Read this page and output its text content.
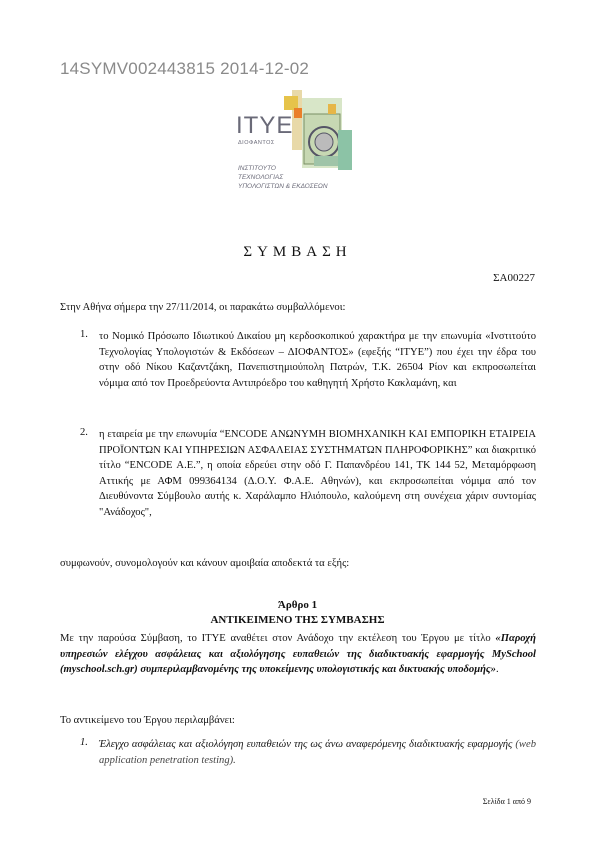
14SYMV002443815 2014-12-02
ITYE
ΔΙΟΦΑΝΤΟΣ
ΙΝΣΤΙΤΟΥΤΟ
ΤΕΧΝΟΛΟΓΙΑΣ
ΥΠΟΛΟΓΙΣΤΩΝ & ΕΚΔΟΣΕΩΝ
ΣΥΜΒΑΣΗ
ΣΑ00227
Στην Αθήνα σήμερα την 27/11/2014, οι παρακάτω συμβαλλόμενοι:
1. το Νομικό Πρόσωπο Ιδιωτικού Δικαίου μη κερδοσκοπικού χαρακτήρα με την επωνυμία «Ινστιτούτο Τεχνολογίας Υπολογιστών & Εκδόσεων – ΔΙΟΦΑΝΤΟΣ» (εφεξής “ΙΤΥΕ”) που έχει την έδρα του στην οδό Νίκου Καζαντζάκη, Πανεπιστημιούπολη Πατρών, Τ.Κ. 26504 Ρίον και εκπροσωπείται νόμιμα από τον Προεδρεύοντα Αντιπρόεδρο του καθηγητή Χρήστο Κακλαμάνη, και
2. η εταιρεία με την επωνυμία “ENCODE ΑΝΩΝΥΜΗ ΒΙΟΜΗΧΑΝΙΚΗ ΚΑΙ ΕΜΠΟΡΙΚΗ ΕΤΑΙΡΕΙΑ ΠΡΟΪΟΝΤΩΝ ΚΑΙ ΥΠΗΡΕΣΙΩΝ ΑΣΦΑΛΕΙΑΣ ΣΥΣΤΗΜΑΤΩΝ ΠΛΗΡΟΦΟΡΙΚΗΣ” και διακριτικό τίτλο “ENCODE Α.Ε.”, η οποία εδρεύει στην οδό Γ. Παπανδρέου 141, ΤΚ 144 52, Μεταμόρφωση Αττικής με ΑΦΜ 099364134 (Δ.Ο.Υ. Φ.Α.Ε. Αθηνών), και εκπροσωπείται νόμιμα από τον Διευθύνοντα Σύμβουλο αυτής κ. Χαράλαμπο Ηλιόπουλο, καλούμενη στη συνέχεια χάριν συντομίας "Ανάδοχος",
συμφωνούν, συνομολογούν και κάνουν αμοιβαία αποδεκτά τα εξής:
Άρθρο 1
ΑΝΤΙΚΕΙΜΕΝΟ ΤΗΣ ΣΥΜΒΑΣΗΣ
Με την παρούσα Σύμβαση, το ΙΤΥΕ αναθέτει στον Ανάδοχο την εκτέλεση του Έργου με τίτλο «Παροχή υπηρεσιών ελέγχου ασφάλειας και αξιολόγησης ευπαθειών της διαδικτυακής εφαρμογής MySchool (myschool.sch.gr) συμπεριλαμβανομένης της υποκείμενης υπολογιστικής και δικτυακής υποδομής».
Το αντικείμενο του Έργου περιλαμβάνει:
1. Έλεγχο ασφάλειας και αξιολόγηση ευπαθειών της ως άνω αναφερόμενης διαδικτυακής εφαρμογής (web application penetration testing).
Σελίδα 1 από 9
